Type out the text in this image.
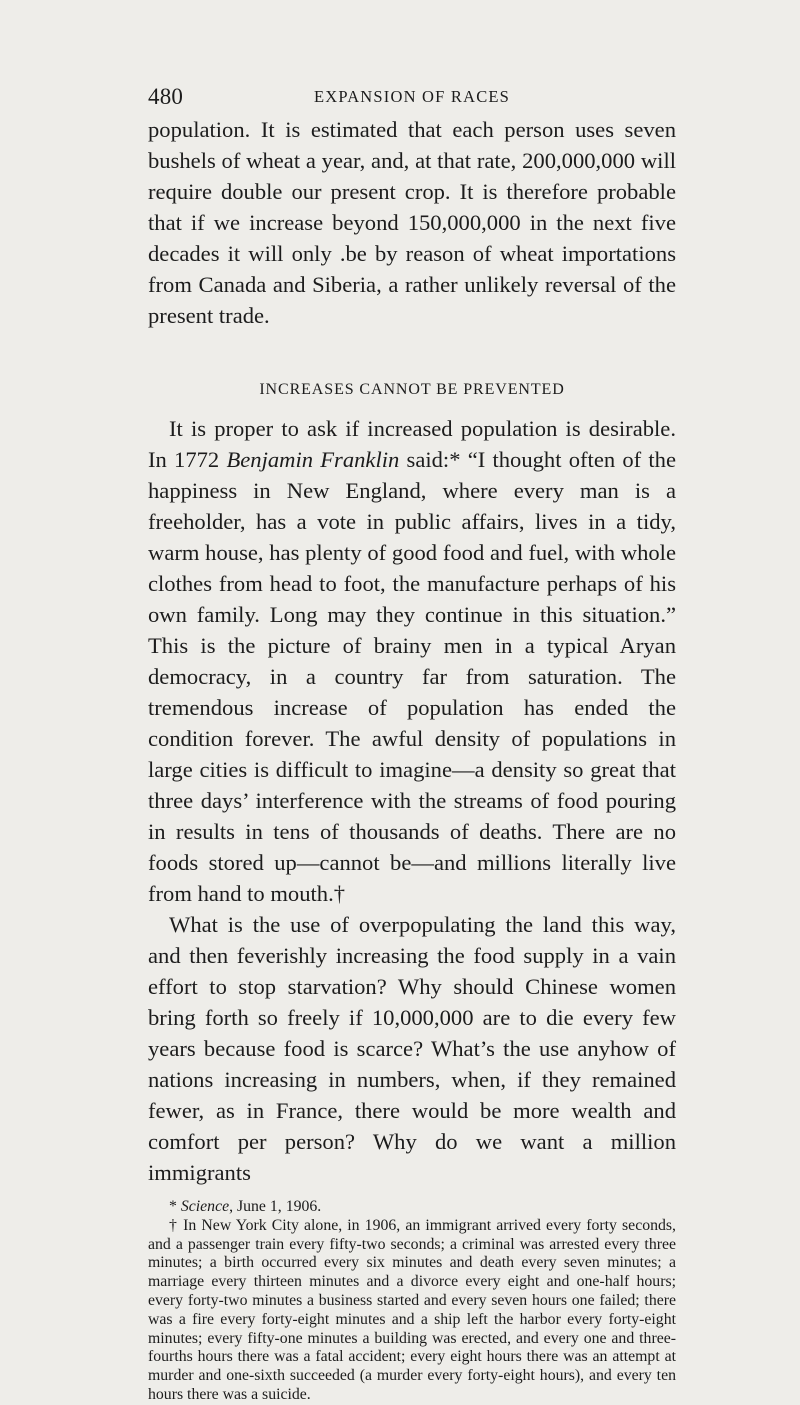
480	EXPANSION OF RACES

population. It is estimated that each person uses seven bushels of wheat a year, and, at that rate, 200,000,000 will require double our present crop. It is therefore probable that if we increase beyond 150,000,000 in the next five decades it will only .be by reason of wheat importations from Canada and Siberia, a rather unlikely reversal of the present trade.

INCREASES CANNOT BE PREVENTED

It is proper to ask if increased population is desirable. In 1772 Benjamin Franklin said:* “I thought often of the happiness in New England, where every man is a freeholder, has a vote in public affairs, lives in a tidy, warm house, has plenty of good food and fuel, with whole clothes from head to foot, the manufacture perhaps of his own family. Long may they continue in this situation.” This is the picture of brainy men in a typical Aryan democracy, in a country far from saturation. The tremendous increase of population has ended the condition forever. The awful density of populations in large cities is difficult to imagine—a density so great that three days’ interference with the streams of food pouring in results in tens of thousands of deaths. There are no foods stored up—cannot be—and millions literally live from hand to mouth.†

What is the use of overpopulating the land this way, and then feverishly increasing the food supply in a vain effort to stop starvation? Why should Chinese women bring forth so freely if 10,000,000 are to die every few years because food is scarce? What’s the use anyhow of nations increasing in numbers, when, if they remained fewer, as in France, there would be more wealth and comfort per person? Why do we want a million immigrants

* Science, June 1, 1906.

† In New York City alone, in 1906, an immigrant arrived every forty seconds, and a passenger train every fifty-two seconds; a criminal was arrested every three minutes; a birth occurred every six minutes and death every seven minutes; a marriage every thirteen minutes and a divorce every eight and one-half hours; every forty-two minutes a business started and every seven hours one failed; there was a fire every forty-eight minutes and a ship left the harbor every forty-eight minutes; every fifty-one minutes a building was erected, and every one and three-fourths hours there was a fatal accident; every eight hours there was an attempt at murder and one-sixth succeeded (a murder every forty-eight hours), and every ten hours there was a suicide.
